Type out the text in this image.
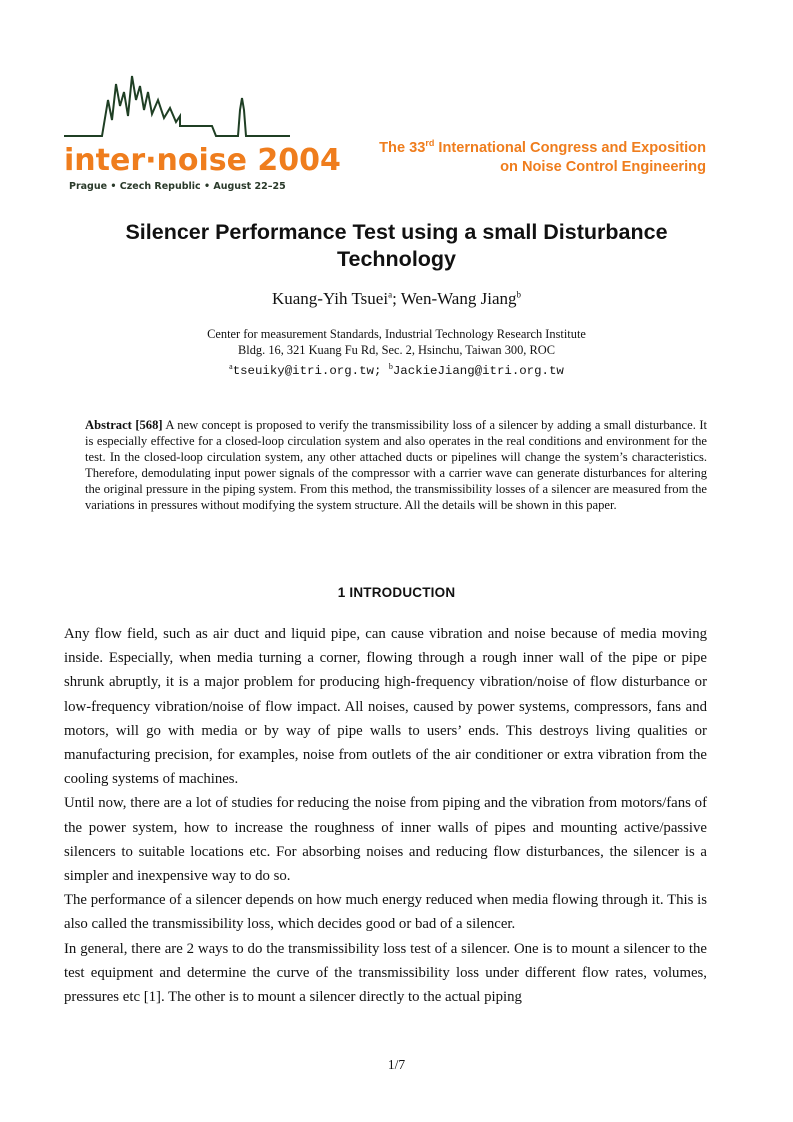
inter·noise 2004
Prague • Czech Republic • August 22–25
The 33rd International Congress and Exposition
on Noise Control Engineering
Silencer Performance Test using a small Disturbance
Technology
Kuang-Yih Tsuei$^a$; Wen-Wang Jiang$^b$
Center for measurement Standards, Industrial Technology Research Institute
Bldg. 16, 321 Kuang Fu Rd, Sec. 2, Hsinchu, Taiwan 300, ROC
$^a$tseuiky@itri.org.tw; $^b$JackieJiang@itri.org.tw
Abstract [568] A new concept is proposed to verify the transmissibility loss of a silencer by adding a small disturbance. It is especially effective for a closed-loop circulation system and also operates in the real conditions and environment for the test. In the closed-loop circulation system, any other attached ducts or pipelines will change the system’s characteristics. Therefore, demodulating input power signals of the compressor with a carrier wave can generate disturbances for altering the original pressure in the piping system. From this method, the transmissibility losses of a silencer are measured from the variations in pressures without modifying the system structure. All the details will be shown in this paper.
1 INTRODUCTION

Any flow field, such as air duct and liquid pipe, can cause vibration and noise because of media moving inside. Especially, when media turning a corner, flowing through a rough inner wall of the pipe or pipe shrunk abruptly, it is a major problem for producing high-frequency vibration/noise of flow disturbance or low-frequency vibration/noise of flow impact. All noises, caused by power systems, compressors, fans and motors, will go with media or by way of pipe walls to users’ ends. This destroys living qualities or manufacturing precision, for examples, noise from outlets of the air conditioner or extra vibration from the cooling systems of machines.

Until now, there are a lot of studies for reducing the noise from piping and the vibration from motors/fans of the power system, how to increase the roughness of inner walls of pipes and mounting active/passive silencers to suitable locations etc. For absorbing noises and reducing flow disturbances, the silencer is a simpler and inexpensive way to do so.

The performance of a silencer depends on how much energy reduced when media flowing through it. This is also called the transmissibility loss, which decides good or bad of a silencer.

In general, there are 2 ways to do the transmissibility loss test of a silencer. One is to mount a silencer to the test equipment and determine the curve of the transmissibility loss under different flow rates, volumes, pressures etc [1]. The other is to mount a silencer directly to the actual piping

1/7
